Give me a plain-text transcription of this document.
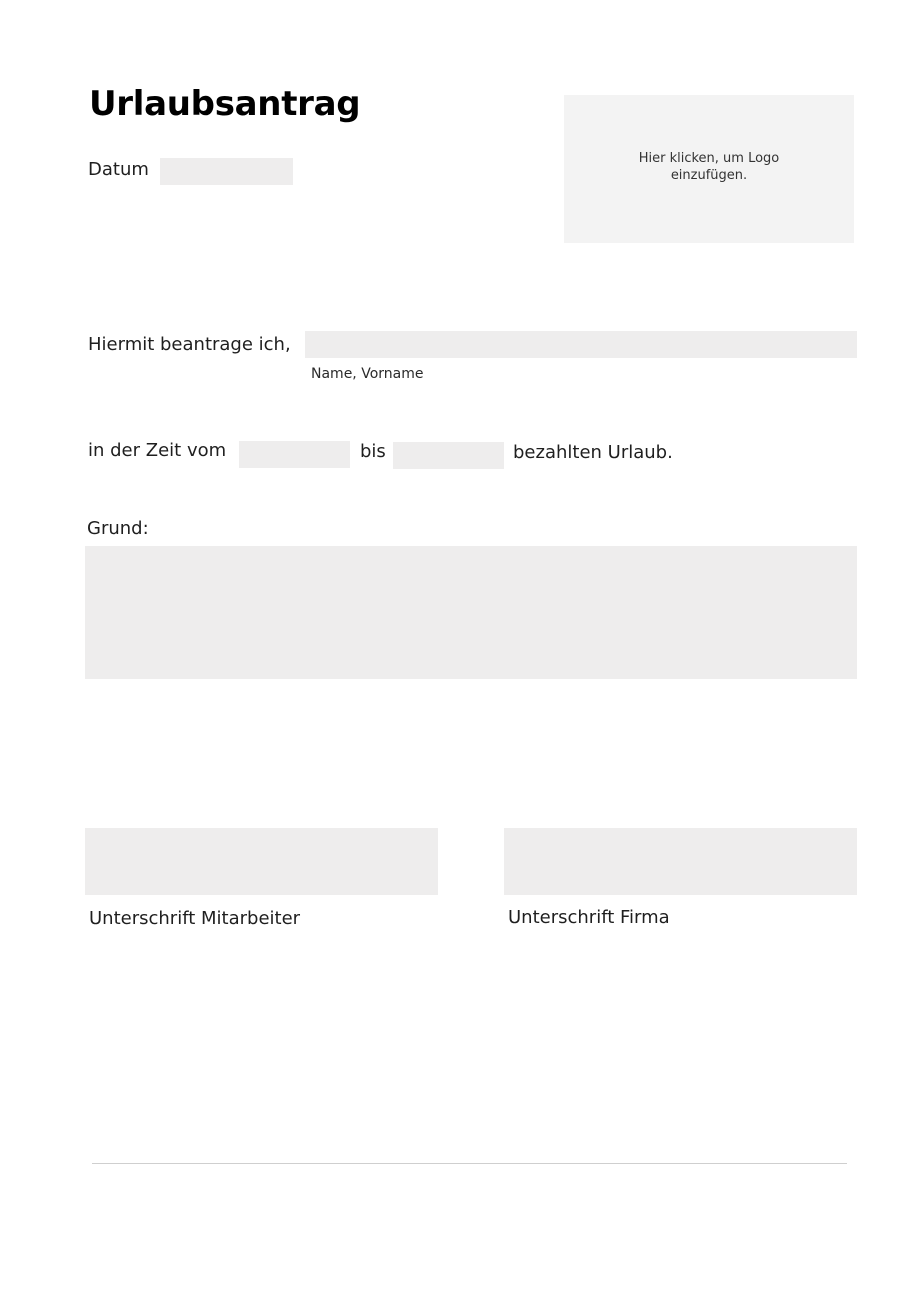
Urlaubsantrag
Datum
Hier klicken, um Logo einzufügen.
Hiermit beantrage ich,
Name, Vorname
in der Zeit vom	bis	bezahlten Urlaub.
Grund:
Unterschrift Mitarbeiter	Unterschrift Firma
